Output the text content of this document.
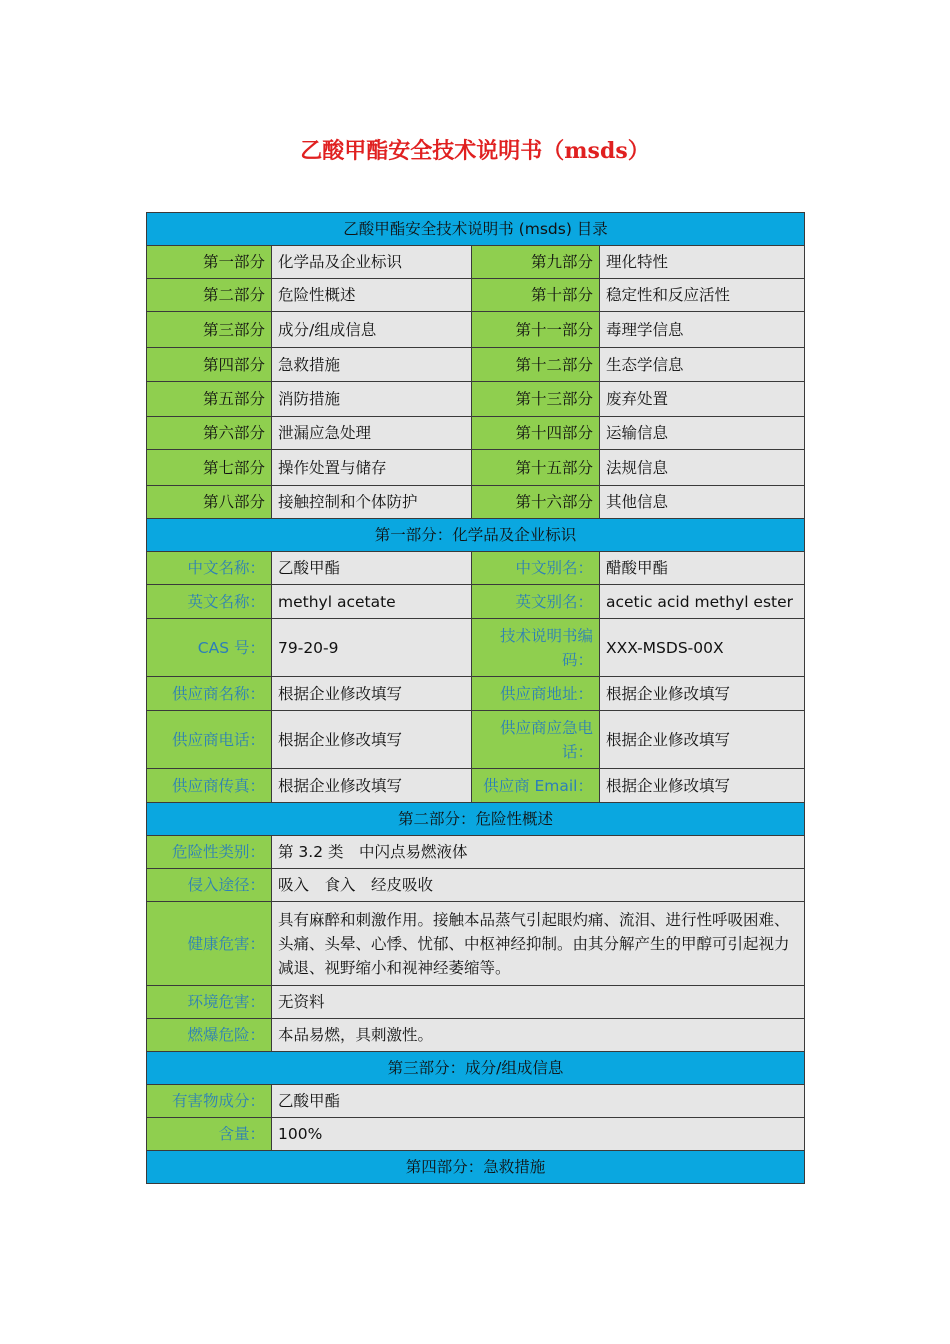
乙酸甲酯安全技术说明书（msds）
乙酸甲酯安全技术说明书 (msds) 目录			
第一部分	化学品及企业标识	第九部分	理化特性
第二部分	危险性概述	第十部分	稳定性和反应活性
第三部分	成分/组成信息	第十一部分	毒理学信息
第四部分	急救措施	第十二部分	生态学信息
第五部分	消防措施	第十三部分	废弃处置
第六部分	泄漏应急处理	第十四部分	运输信息
第七部分	操作处置与储存	第十五部分	法规信息
第八部分	接触控制和个体防护	第十六部分	其他信息
第一部分：化学品及企业标识			
中文名称：	乙酸甲酯	中文别名：	醋酸甲酯
英文名称：	methyl acetate	英文别名：	acetic acid methyl ester
CAS 号：	79-20-9	技术说明书编码：	XXX-MSDS-00X
供应商名称：	根据企业修改填写	供应商地址：	根据企业修改填写
供应商电话：	根据企业修改填写	供应商应急电话：	根据企业修改填写
供应商传真：	根据企业修改填写	供应商 Email：	根据企业修改填写
第二部分：危险性概述			
危险性类别：	第 3.2 类　中闪点易燃液体		
侵入途径：	吸入　食入　经皮吸收		
健康危害：	具有麻醉和刺激作用。接触本品蒸气引起眼灼痛、流泪、进行性呼吸困难、头痛、头晕、心悸、忧郁、中枢神经抑制。由其分解产生的甲醇可引起视力减退、视野缩小和视神经萎缩等。		
环境危害：	无资料		
燃爆危险：	本品易燃，具刺激性。		
第三部分：成分/组成信息			
有害物成分：	乙酸甲酯		
含量：	100%		
第四部分：急救措施			
